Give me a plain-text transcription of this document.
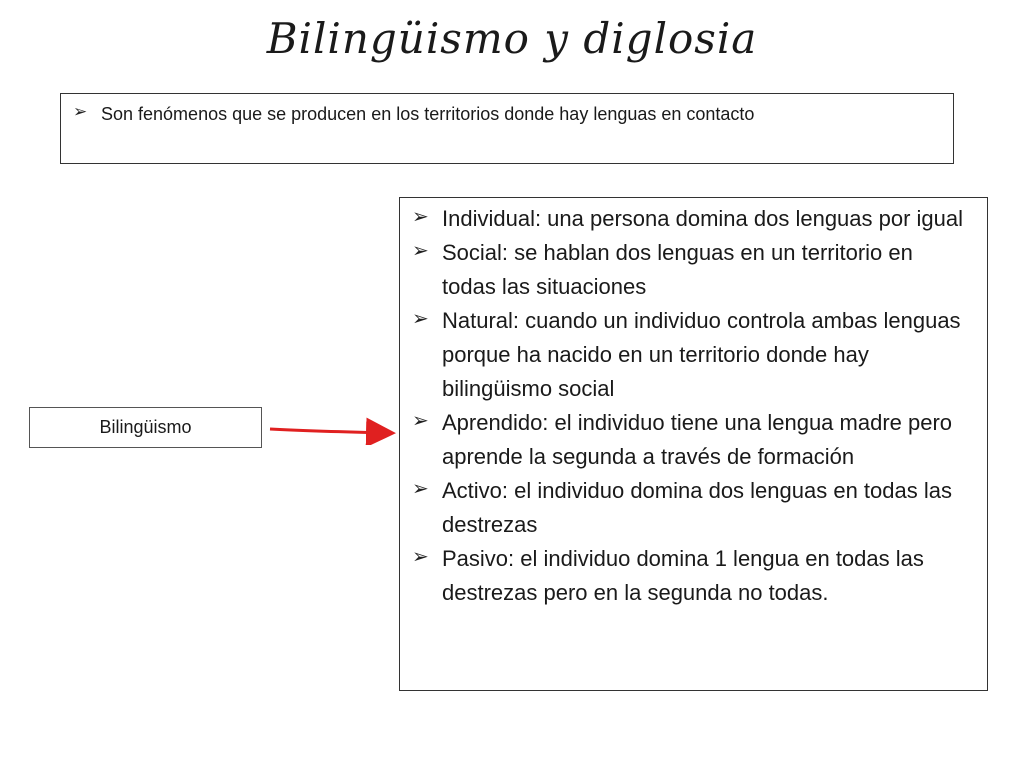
Bilingüismo y diglosia
➢ Son fenómenos que se producen en los territorios donde hay lenguas en contacto
Bilingüismo
➢ Individual: una persona domina dos lenguas por igual
➢ Social: se hablan dos lenguas en un territorio en todas las situaciones
➢ Natural: cuando un individuo controla ambas lenguas porque ha nacido en un territorio donde hay bilingüismo social
➢ Aprendido: el individuo tiene una lengua madre pero aprende la segunda a través de formación
➢ Activo: el individuo domina dos lenguas en todas las destrezas
➢ Pasivo: el individuo domina 1 lengua en todas las destrezas pero en la segunda no todas.
